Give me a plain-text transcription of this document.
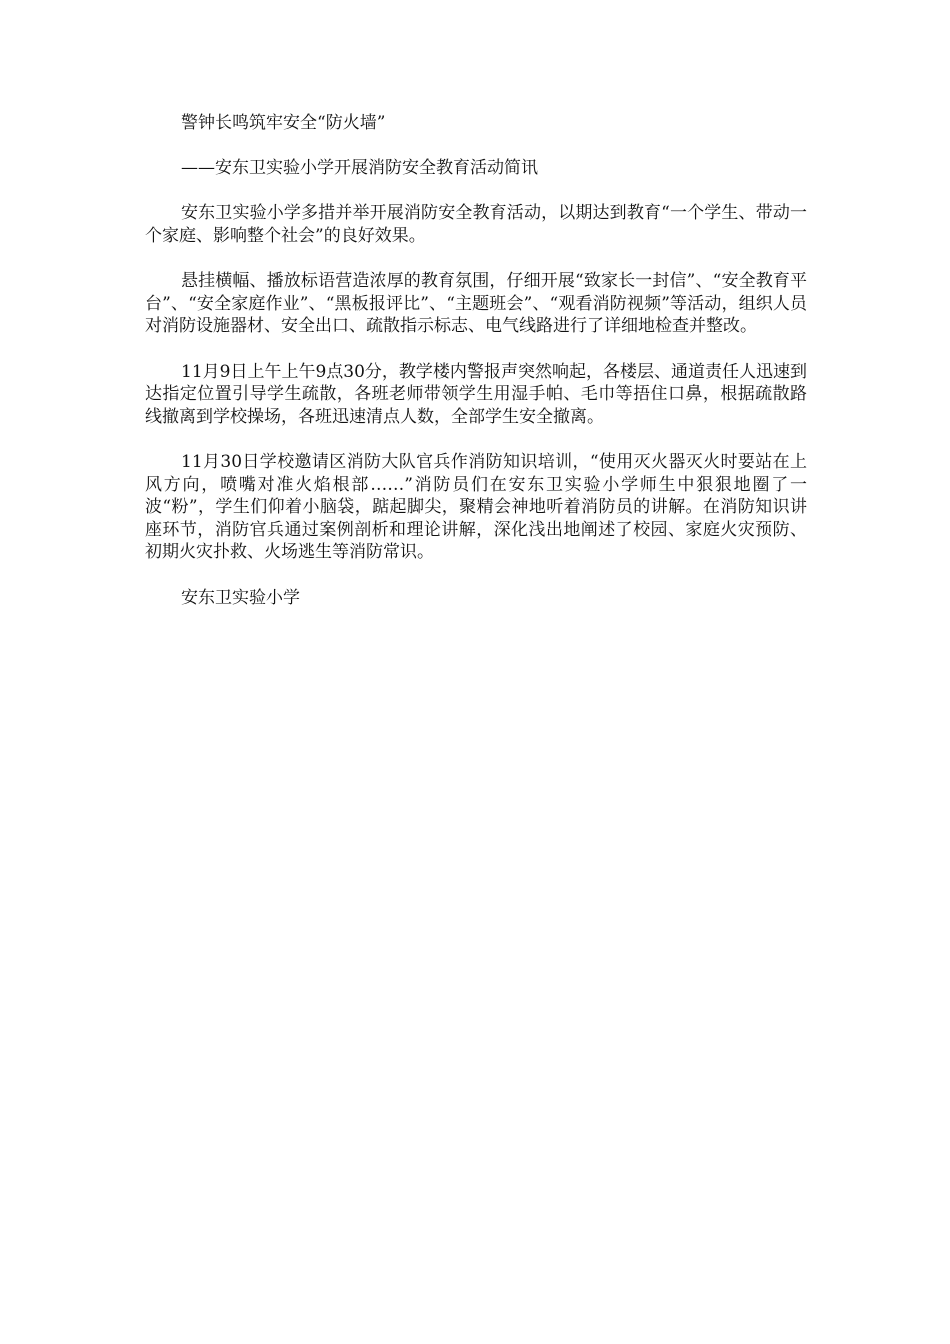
警钟长鸣筑牢安全“防火墙”

——安东卫实验小学开展消防安全教育活动简讯

安东卫实验小学多措并举开展消防安全教育活动，以期达到教育“一个学生、带动一个家庭、影响整个社会”的良好效果。

悬挂横幅、播放标语营造浓厚的教育氛围，仔细开展“致家长一封信”、“安全教育平台”、“安全家庭作业”、“黑板报评比”、“主题班会”、“观看消防视频”等活动，组织人员对消防设施器材、安全出口、疏散指示标志、电气线路进行了详细地检查并整改。

11月9日上午上午9点30分，教学楼内警报声突然响起，各楼层、通道责任人迅速到达指定位置引导学生疏散，各班老师带领学生用湿手帕、毛巾等捂住口鼻，根据疏散路线撤离到学校操场，各班迅速清点人数，全部学生安全撤离。

11月30日学校邀请区消防大队官兵作消防知识培训，“使用灭火器灭火时要站在上风方向，喷嘴对准火焰根部……”消防员们在安东卫实验小学师生中狠狠地圈了一波“粉”，学生们仰着小脑袋，踮起脚尖，聚精会神地听着消防员的讲解。在消防知识讲座环节，消防官兵通过案例剖析和理论讲解，深化浅出地阐述了校园、家庭火灾预防、初期火灾扑救、火场逃生等消防常识。

安东卫实验小学
